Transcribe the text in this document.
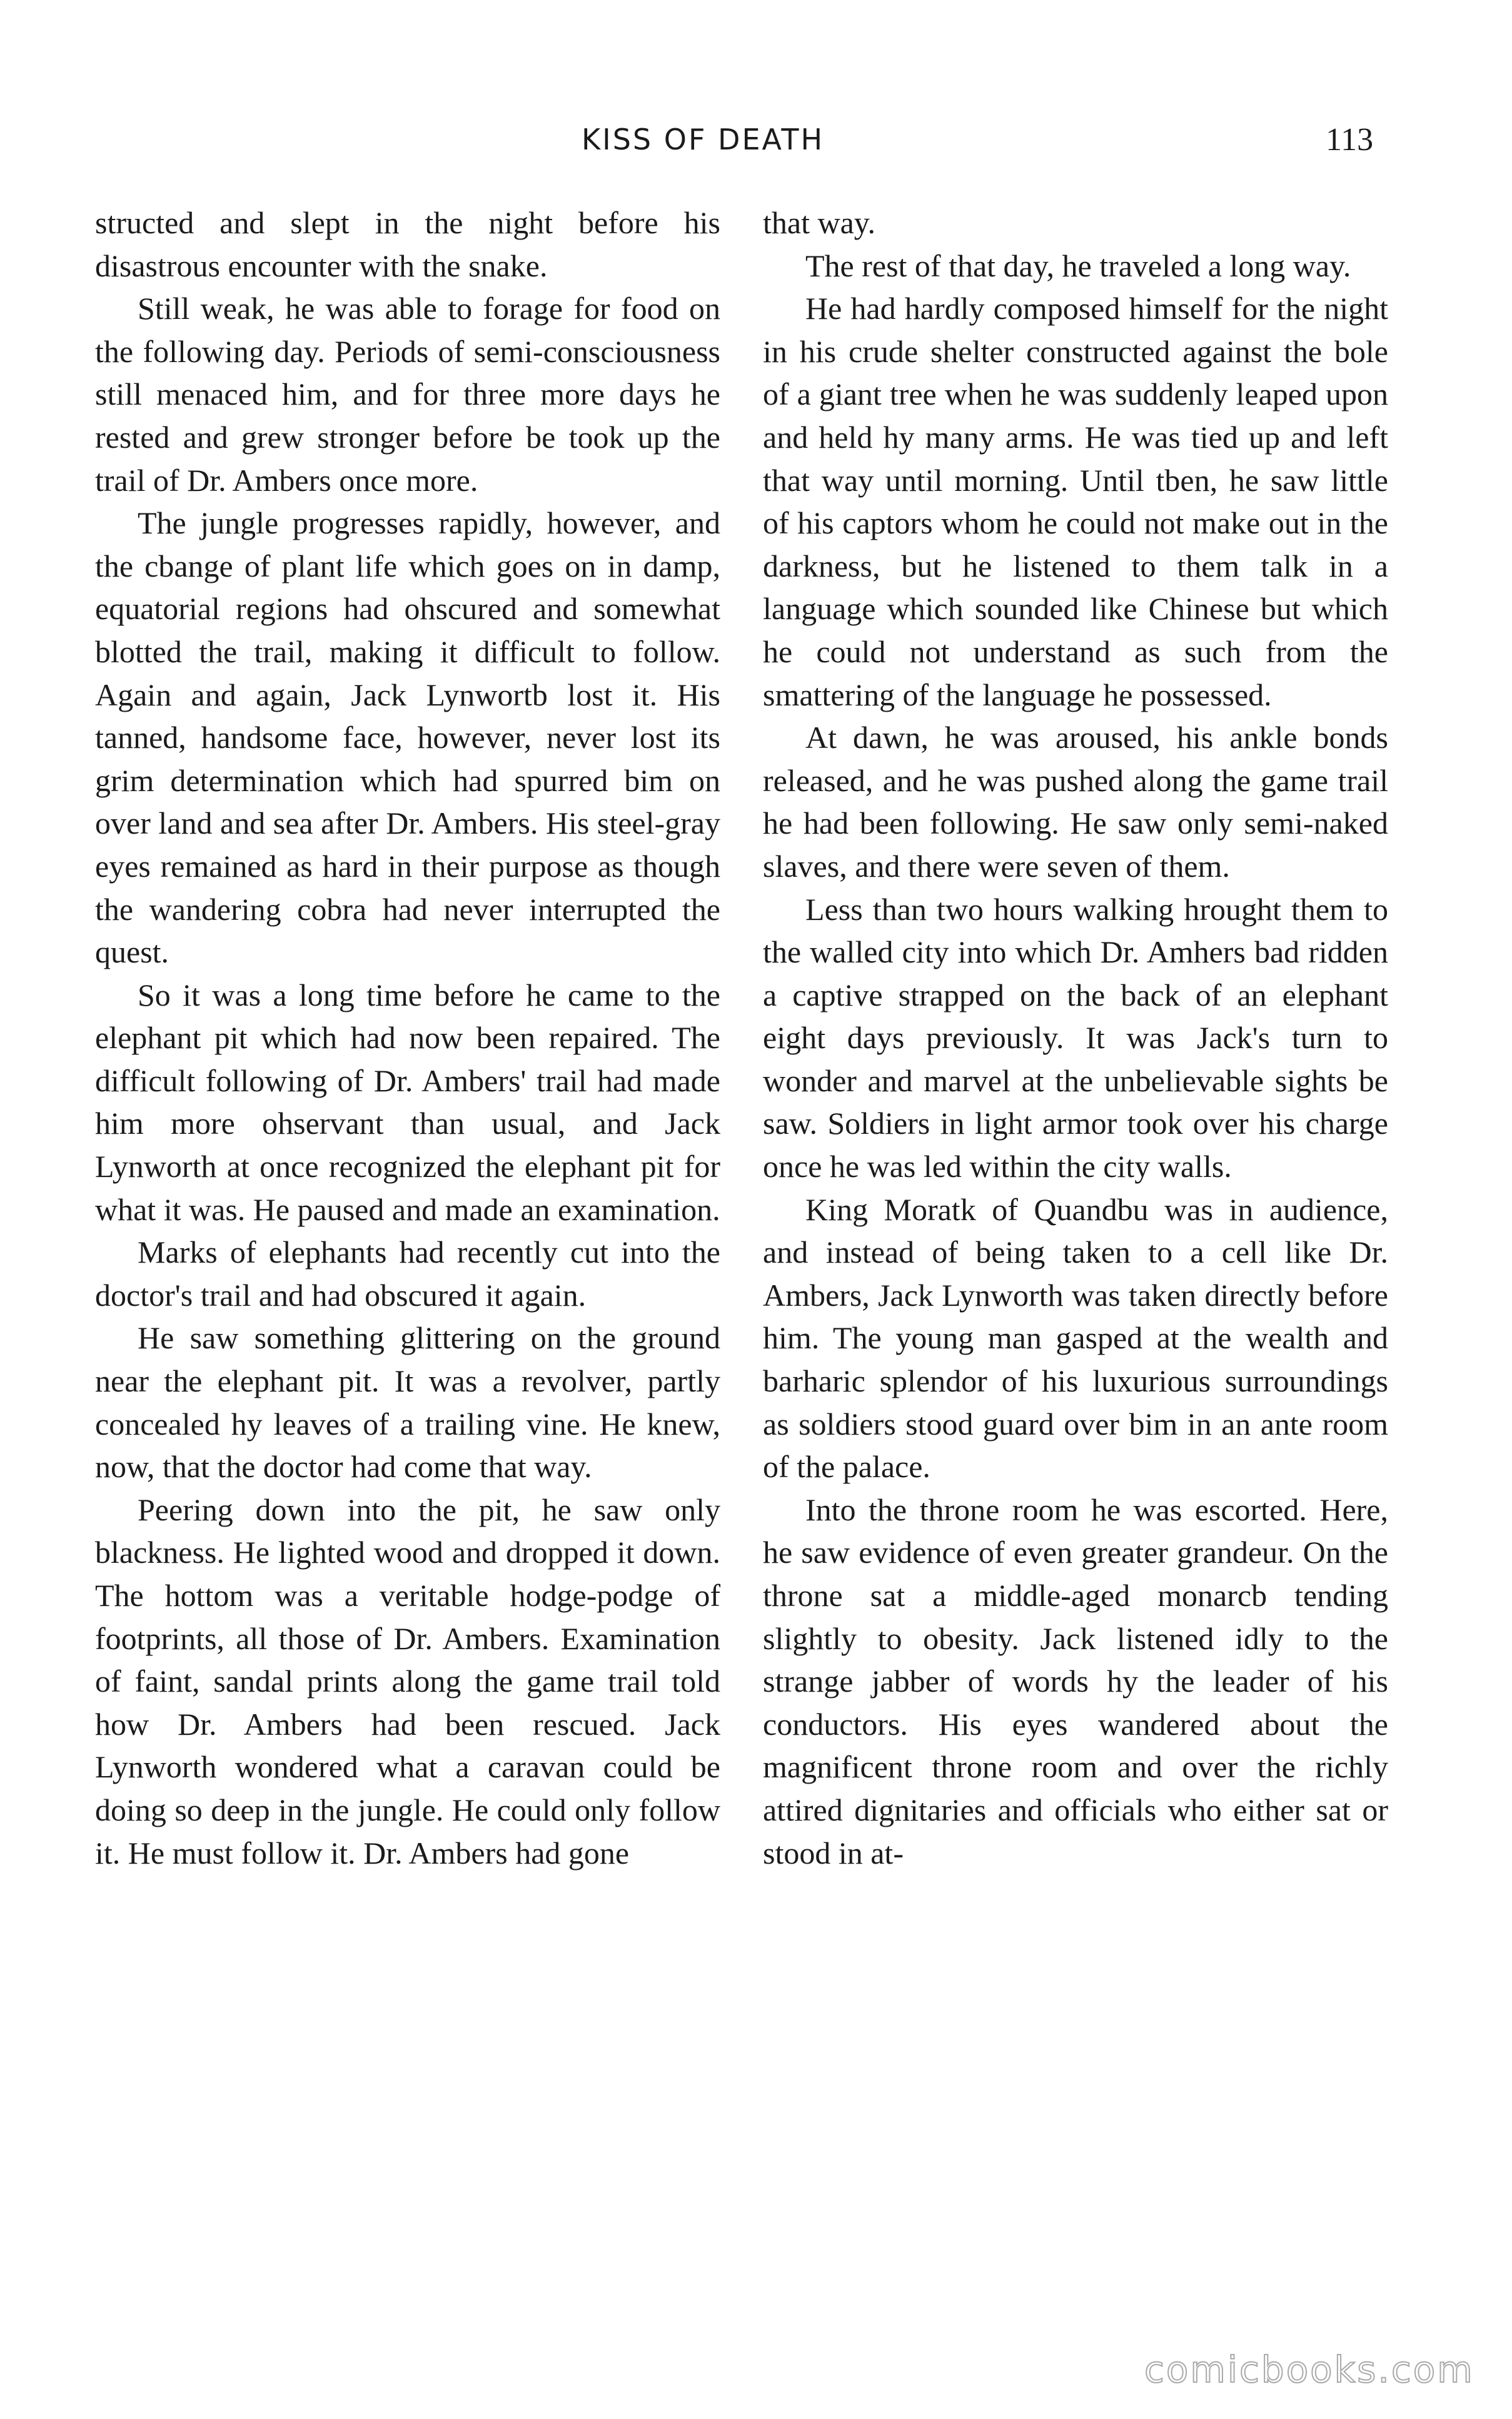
KISS OF DEATH	113

structed and slept in the night before his disastrous encounter with the snake.

Still weak, he was able to forage for food on the following day. Periods of semi-consciousness still menaced him, and for three more days he rested and grew stronger before be took up the trail of Dr. Ambers once more.

The jungle progresses rapidly, however, and the cbange of plant life which goes on in damp, equatorial regions had ohscured and somewhat blotted the trail, making it difficult to follow. Again and again, Jack Lynwortb lost it. His tanned, handsome face, however, never lost its grim determination which had spurred bim on over land and sea after Dr. Ambers. His steel-gray eyes remained as hard in their purpose as though the wandering cobra had never interrupted the quest.

So it was a long time before he came to the elephant pit which had now been repaired. The difficult following of Dr. Ambers' trail had made him more ohservant than usual, and Jack Lynworth at once recognized the elephant pit for what it was. He paused and made an examination.

Marks of elephants had recently cut into the doctor's trail and had obscured it again.

He saw something glittering on the ground near the elephant pit. It was a revolver, partly concealed hy leaves of a trailing vine. He knew, now, that the doctor had come that way.

Peering down into the pit, he saw only blackness. He lighted wood and dropped it down. The hottom was a veritable hodge-podge of footprints, all those of Dr. Ambers. Examination of faint, sandal prints along the game trail told how Dr. Ambers had been rescued. Jack Lynworth wondered what a caravan could be doing so deep in the jungle. He could only follow it. He must follow it. Dr. Ambers had gone

that way.

The rest of that day, he traveled a long way.

He had hardly composed himself for the night in his crude shelter constructed against the bole of a giant tree when he was suddenly leaped upon and held hy many arms. He was tied up and left that way until morning. Until tben, he saw little of his captors whom he could not make out in the darkness, but he listened to them talk in a language which sounded like Chinese but which he could not understand as such from the smattering of the language he possessed.

At dawn, he was aroused, his ankle bonds released, and he was pushed along the game trail he had been following. He saw only semi-naked slaves, and there were seven of them.

Less than two hours walking hrought them to the walled city into which Dr. Amhers bad ridden a captive strapped on the back of an elephant eight days previously. It was Jack's turn to wonder and marvel at the unbelievable sights be saw. Soldiers in light armor took over his charge once he was led within the city walls.

King Moratk of Quandbu was in audience, and instead of being taken to a cell like Dr. Ambers, Jack Lynworth was taken directly before him. The young man gasped at the wealth and barharic splendor of his luxurious surroundings as soldiers stood guard over bim in an ante room of the palace.

Into the throne room he was escorted. Here, he saw evidence of even greater grandeur. On the throne sat a middle-aged monarcb tending slightly to obesity. Jack listened idly to the strange jabber of words hy the leader of his conductors. His eyes wandered about the magnificent throne room and over the richly attired dignitaries and officials who either sat or stood in at-

comicbooks.com
